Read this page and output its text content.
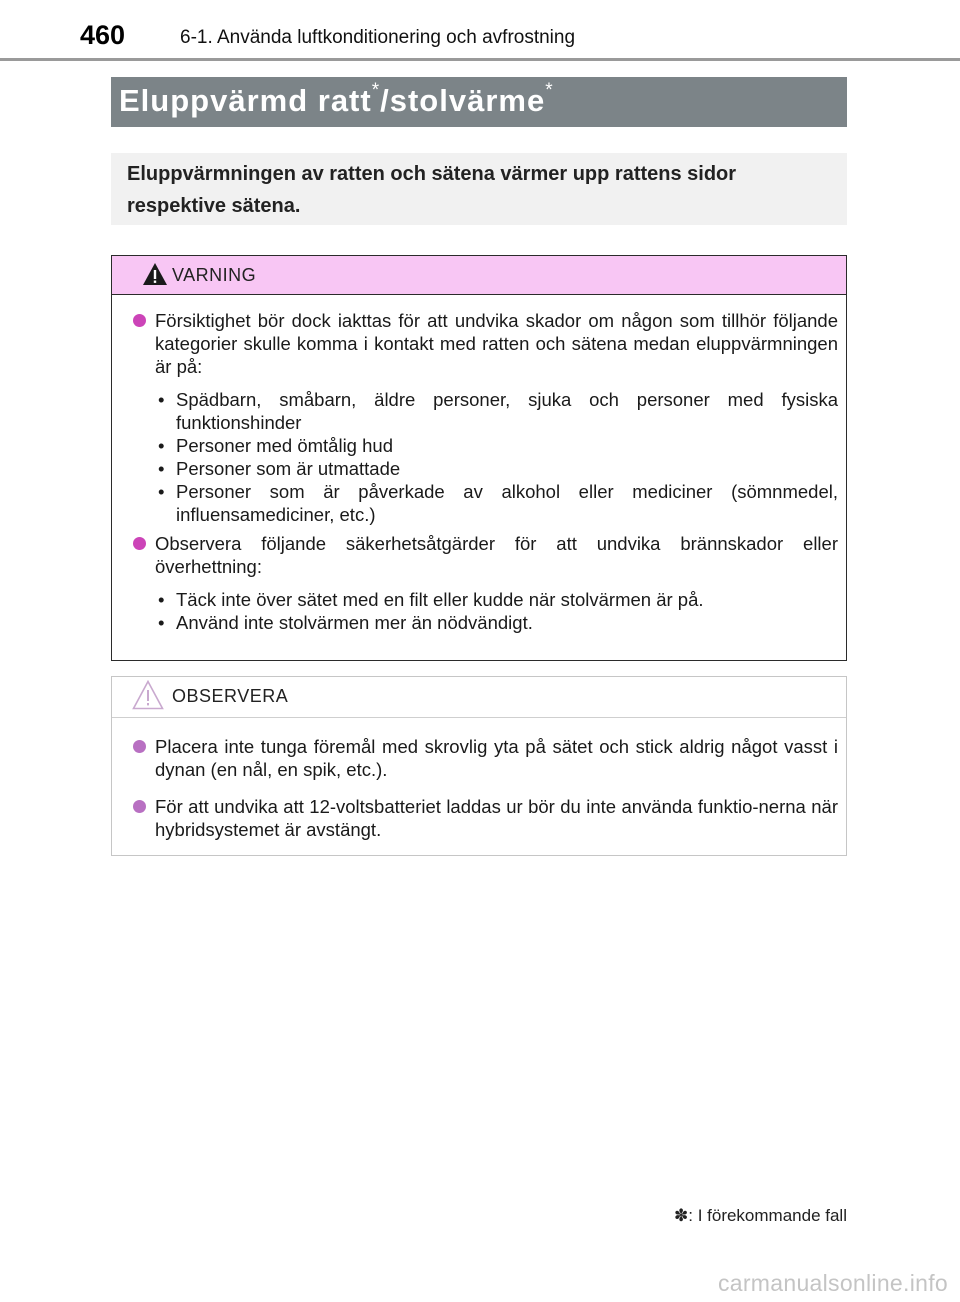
460	6-1. Använda luftkonditionering och avfrostning
Eluppvärmd ratt*/stolvärme*
Eluppvärmningen av ratten och sätena värmer upp rattens sidor respektive sätena.
VARNING
Försiktighet bör dock iakttas för att undvika skador om någon som tillhör följande kategorier skulle komma i kontakt med ratten och sätena medan eluppvärmningen är på:
• Spädbarn, småbarn, äldre personer, sjuka och personer med fysiska funktionshinder
• Personer med ömtålig hud
• Personer som är utmattade
• Personer som är påverkade av alkohol eller mediciner (sömnmedel, influensamediciner, etc.)
Observera följande säkerhetsåtgärder för att undvika brännskador eller överhettning:
• Täck inte över sätet med en filt eller kudde när stolvärmen är på.
• Använd inte stolvärmen mer än nödvändigt.
OBSERVERA
Placera inte tunga föremål med skrovlig yta på sätet och stick aldrig något vasst i dynan (en nål, en spik, etc.).
För att undvika att 12-voltsbatteriet laddas ur bör du inte använda funktio-nerna när hybridsystemet är avstängt.
✽: I förekommande fall
carmanualsonline.info
